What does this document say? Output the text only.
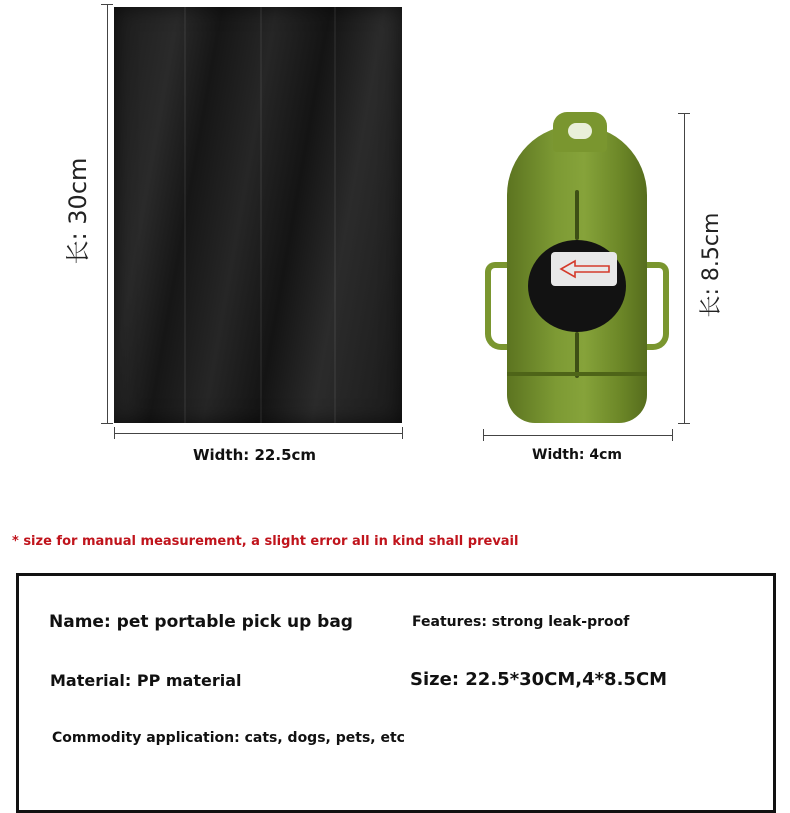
长: 30cm
Width: 22.5cm
长: 8.5cm
Width: 4cm
* size for manual measurement, a slight error all in kind shall prevail
Name: pet portable pick up bag	Features: strong leak-proof
Material: PP material	Size: 22.5*30CM,4*8.5CM
Commodity application: cats, dogs, pets, etc
